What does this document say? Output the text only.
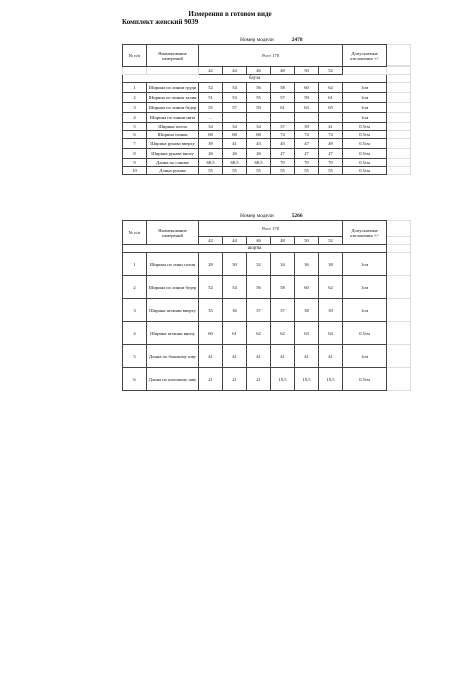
Измерения в готовом виде
Комплект женский 9039
Номер модели	2478
№ п/п	Наименование измерений	Рост 170						Допускаемые отклонения +/-	

		42	44	46	48	50	52		
блуза									
1	Ширина по линии груди	52	54	56	58	60	62	1см	
2	Ширина по линии талии	51	53	55	57	59	61	1см	
3	Ширина по линии бедер	55	57	59	61	63	65	1см	
4	Ширина по линии низа	–						1см	
5	Ширина плеча	34	34	34	37	39	41	0.5см	
6	Ширина спины	68	68	68	74	74	74	0.5см	
7	Ширина рукава вверху	39	41	43	45	47	49	0.5см	
8	Ширина рукава внизу	26	26	26	27	27	27	0.5см	
9	Длина по спинке	68,5	68,5	68,5	70	70	70	0.5см	
10	Длина рукава	55	55	55	55	55	55	0.5см	
Номер модели	5266
№ п/п	Наименование измерений	Рост 170						Допускаемые отклонения +/-	
		42	44	46	48	50	52		
шорты									
1	Ширина по лини талии	28	30	32	34	36	38	1см	
2	Ширина по линии бедер	52	54	56	58	60	62	1см	
3	Ширина штанин вверху	35	36	37	37	38	39	1см	
4	Ширина штанин внизу	60	61	62	62	63	64	0.5см	
5	Длина по боковому шву	41	41	41	41	41	41	1см	
6	Длина по шаговому шву	21	21	21	19,5	19,5	19,5	0.5см	
